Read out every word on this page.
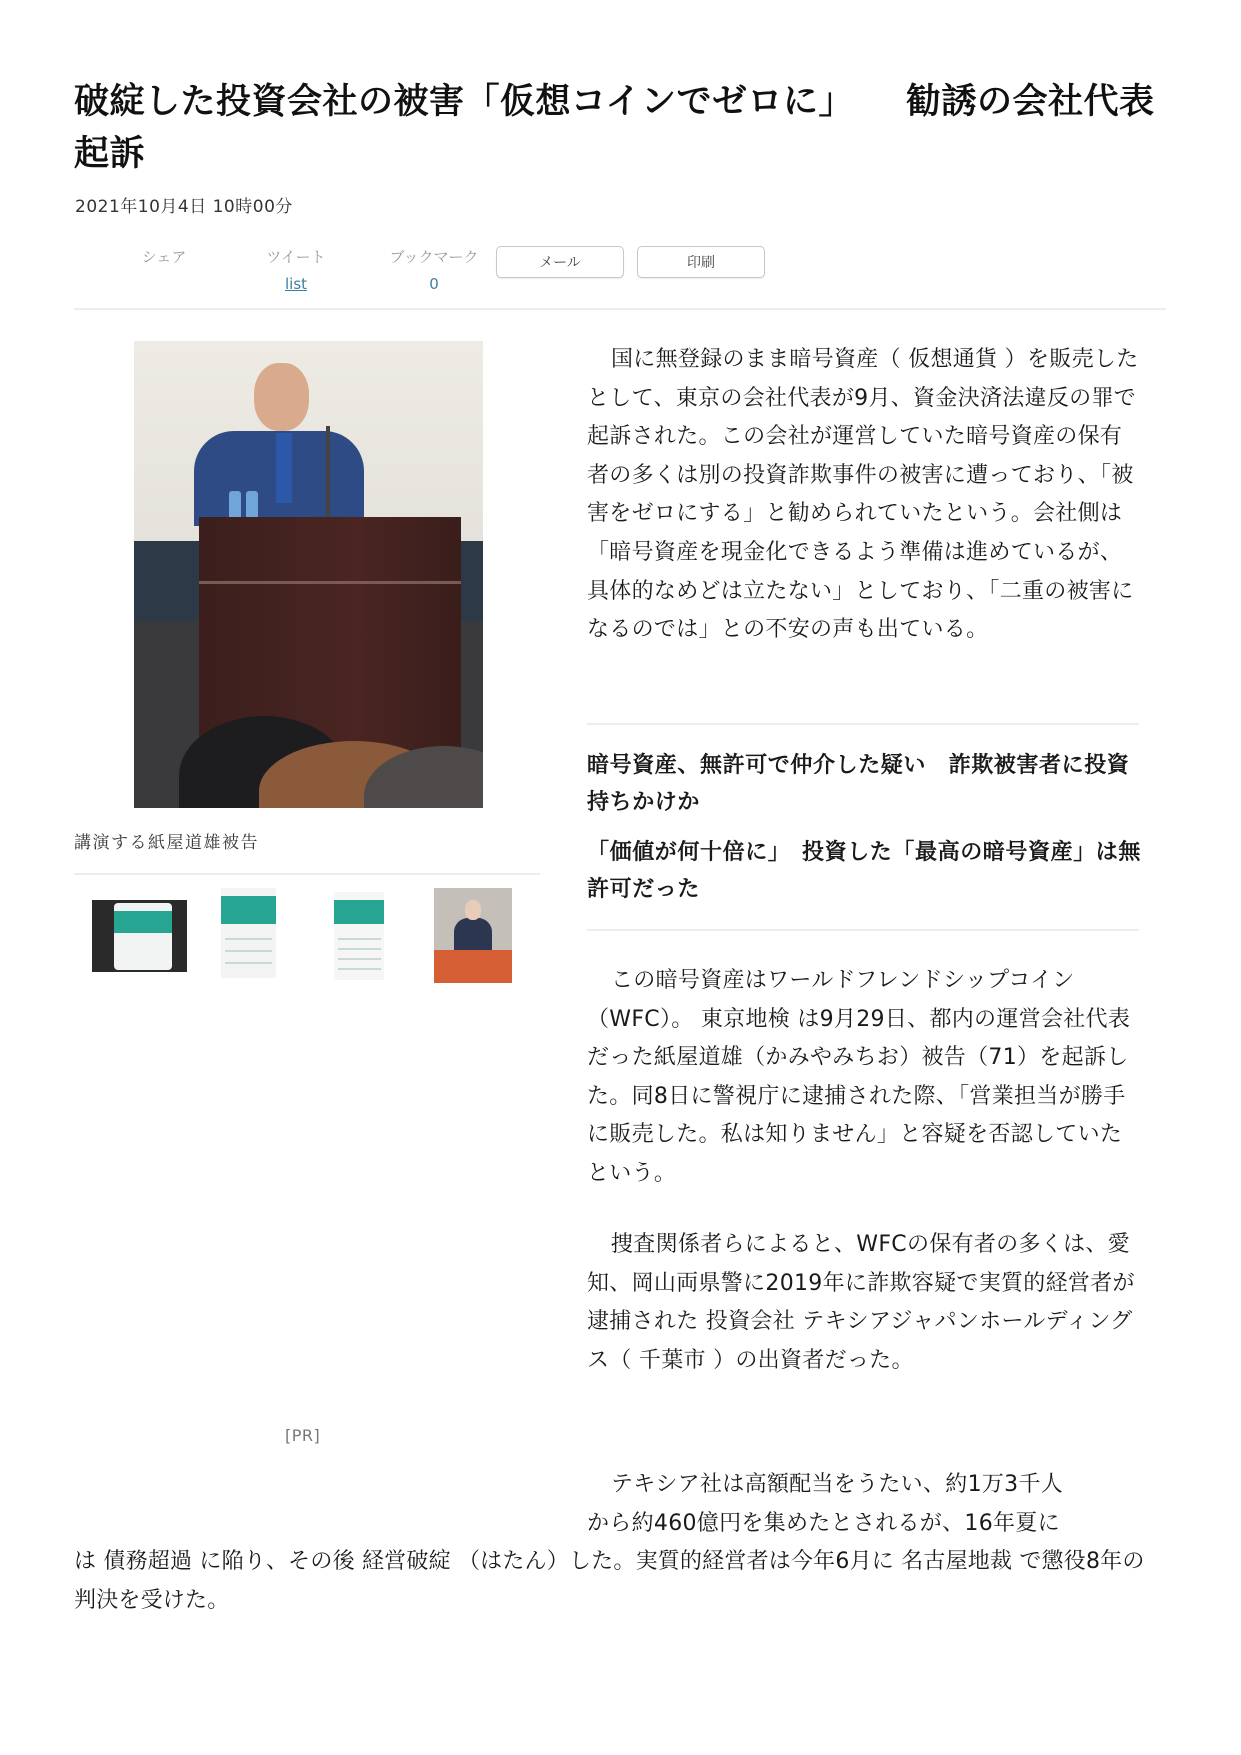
破綻した投資会社の被害「仮想コインでゼロに」 勧誘の会社代表起訴
2021年10月4日 10時00分
シェア	ツイート
list
ブックマーク
0
メール	印刷
講演する紙屋道雄被告
[PR]

国に無登録のまま暗号資産（ 仮想通貨 ）を販売したとして、東京の会社代表が9月、資金決済法違反の罪で起訴された。この会社が運営していた暗号資産の保有者の多くは別の投資詐欺事件の被害に遭っており、「被害をゼロにする」と勧められていたという。会社側は「暗号資産を現金化できるよう準備は進めているが、具体的なめどは立たない」としており、「二重の被害になるのでは」との不安の声も出ている。

暗号資産、無許可で仲介した疑い　詐欺被害者に投資持ちかけか
「価値が何十倍に」　投資した「最高の暗号資産」は無許可だった

この暗号資産はワールドフレンドシップコイン（WFC）。 東京地検 は9月29日、都内の運営会社代表だった紙屋道雄（かみやみちお）被告（71）を起訴した。同8日に警視庁に逮捕された際、「営業担当が勝手に販売した。私は知りません」と容疑を否認していたという。

捜査関係者らによると、WFCの保有者の多くは、愛知、岡山両県警に2019年に詐欺容疑で実質的経営者が逮捕された 投資会社 テキシアジャパンホールディングス（ 千葉市 ）の出資者だった。

テキシア社は高額配当をうたい、約1万3千人

から約460億円を集めたとされるが、16年夏に

は 債務超過 に陥り、その後 経営破綻 （はたん）した。実質的経営者は今年6月に 名古屋地裁 で懲役8年の判決を受けた。
